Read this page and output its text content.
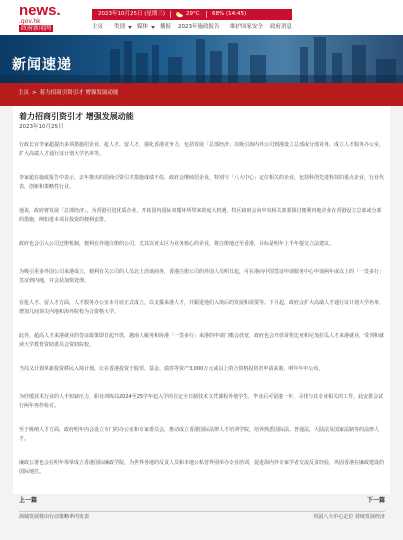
news.
.gov.hk
政府新闻网
2023年10月25日 (星期三)	29°C 68% (14:45)
主页 类别 媒体 播报 2023年施政报告 维护国家安全 政府消息
新闻速递
主页 > 着力招商引资引才 增强发展动能
着力招商引资引才 增强发展动能
2023年10月25日

行政长官李家超提出多项措施招企业、抢人才、留人才，强化香港竞争力，包括发展「总部经济」以吸引海内外公司到港设立总部或分部业务，成立人才服务办公室，扩大高端人才通行证计划大学名单等。

李家超在施政报告中表示，去年推出的招商引资引才措施成绩不俗，政府会继续招企业，特别与「八大中心」定位相关的企业，包括科创先进科技的重点企业，行业代表，创新和策略性行业。

他说，政府将发展「总部经济」，为香港引进优质企业，开拓国内国际双循环所带来的庞大机遇，特区政府会向中央相关部委探讨便利内地企业在香港设立总部或分部的措施，例如进本项目投资的便利安排。

政府也会引入公司迁册机制，便利在外地注册的公司，尤其以亚太区为业务核心的企业，将注册地迁至香港，目标是明年上半年提交立法建议。

为吸引更多外国公司来港成立，便利有关公司的人员北上洽谈商务，香港注册公司的外国人员明日起，可在港向中国签证申请服务中心申请两年或以上的「一签多行」签证到内地，并会获加快处理。

在抢人才、留人才方面，人才服务办公室本月底正式成立，以支援来港人才，并跟进他们入境后的发展和需要等。下月起，政府会扩大高端人才通行证计划大学名单，增加几间顶尖内地和海外院校为合资格大学。

此外，超高人才来港就业的签证政策即日起开放，越南人履务和协港「一签多行」来港的申请门槛会放宽，政府也会开放哥伦比亚和尼加拉瓜人才来港就业，受训和就读大学教育资助委员会资助院校。

当局又计划革新投资移民入境计划，让在香港投资于股票、基金、债券等资产3,000万元或以上的合资格投资者申请来港，明年年中公布。

为纾缓技术行业的人手短缺压力，职业训练局2024至25学年起入学的自定全日制技术文凭课程外地学生，毕业后可留港一年，寻找与其专业相关的工作，此安排会试行两年再作检讨。

至于吸纳人才方面，政府明年内会设立专门的办公室和专家委员会，推动成立香港国际法律人才培训学院，培养熟悉国际法、普通法，大陆法及国家法制等的法律人才。

廉政公署也会在明年筹掌成立香港国际廉政学院，为世界各地的反贪人员和本地公私营界别举办专业培训，促进海内外专家学者交流反贪经验，巩固香港在廉政建设的国际地位。

上一篇
海域发展将由行动策略率内发表
下一篇
巩固八大中心定位 持续发展经济
